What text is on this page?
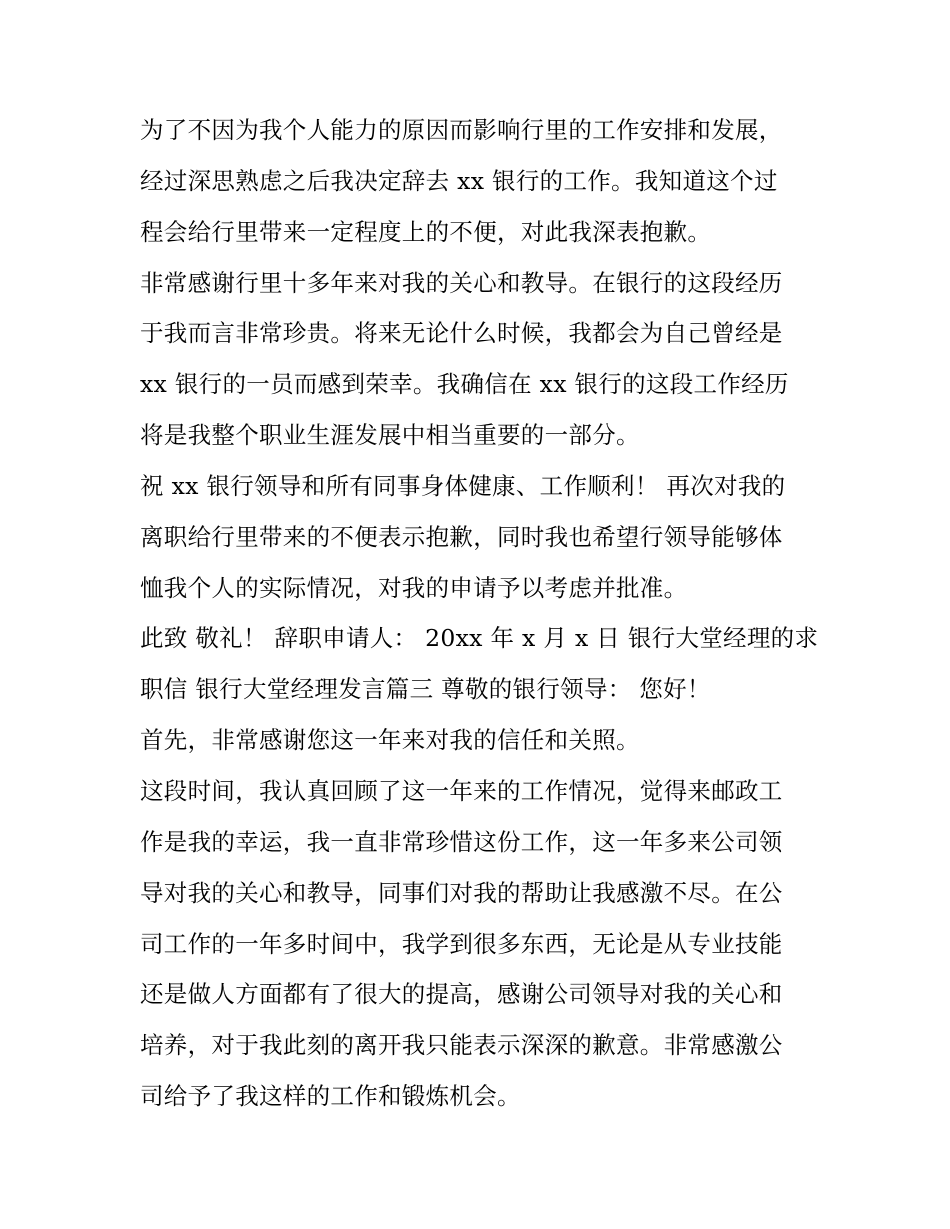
为了不因为我个人能力的原因而影响行里的工作安排和发展，
经过深思熟虑之后我决定辞去 xx 银行的工作。我知道这个过
程会给行里带来一定程度上的不便，对此我深表抱歉。
非常感谢行里十多年来对我的关心和教导。在银行的这段经历
于我而言非常珍贵。将来无论什么时候，我都会为自己曾经是
xx 银行的一员而感到荣幸。我确信在 xx 银行的这段工作经历
将是我整个职业生涯发展中相当重要的一部分。
祝 xx 银行领导和所有同事身体健康、工作顺利！ 再次对我的
离职给行里带来的不便表示抱歉，同时我也希望行领导能够体
恤我个人的实际情况，对我的申请予以考虑并批准。
此致 敬礼！ 辞职申请人： 20xx 年 x 月 x 日 银行大堂经理的求
职信 银行大堂经理发言篇三 尊敬的银行领导： 您好！
首先，非常感谢您这一年来对我的信任和关照。
这段时间，我认真回顾了这一年来的工作情况，觉得来邮政工
作是我的幸运，我一直非常珍惜这份工作，这一年多来公司领
导对我的关心和教导，同事们对我的帮助让我感激不尽。在公
司工作的一年多时间中，我学到很多东西，无论是从专业技能
还是做人方面都有了很大的提高，感谢公司领导对我的关心和
培养，对于我此刻的离开我只能表示深深的歉意。非常感激公
司给予了我这样的工作和锻炼机会。
